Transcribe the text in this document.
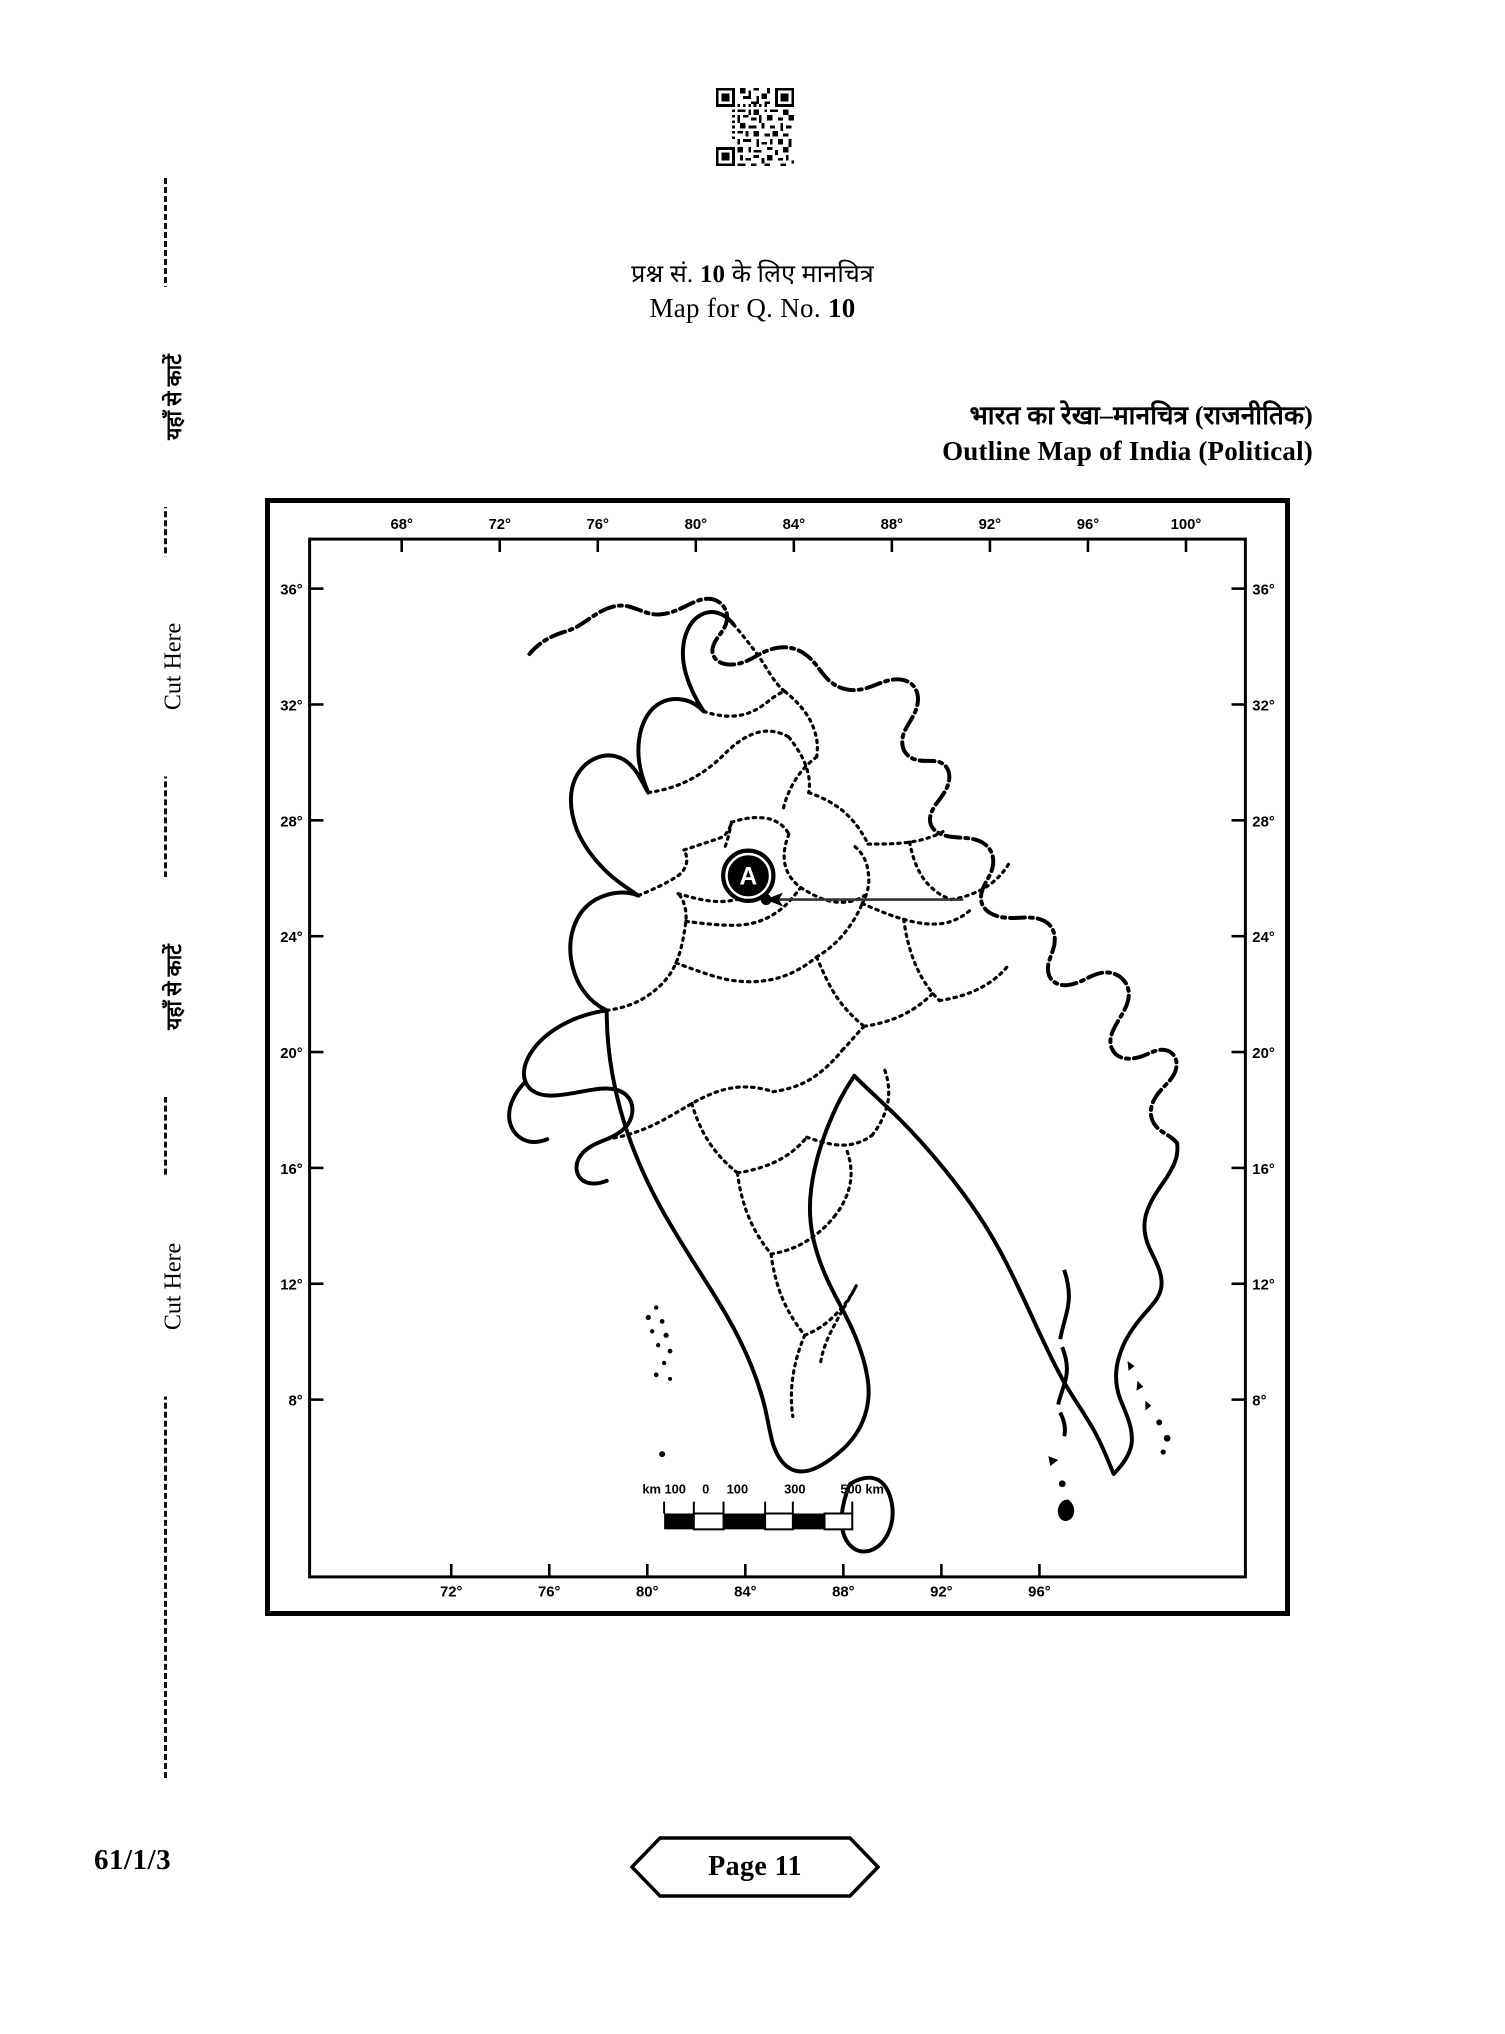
प्रश्न सं. 10 के लिए मानचित्र
Map for Q. No. 10
भारत का रेखा–मानचित्र (राजनीतिक)
Outline Map of India (Political)
68°	72°	76°	80°	84°	88°	92°	96°	100°
72°	76°	80°	84°	88°	92°	96°
36°
32°
28°
24°
20°
16°
12°
8°
36°
32°
28°
24°
20°
16°
12°
8°
A
km 100 0 100	300	500 km
यहाँ से काटें
Cut Here
यहाँ से काटें
Cut Here
61/1/3	Page 11
